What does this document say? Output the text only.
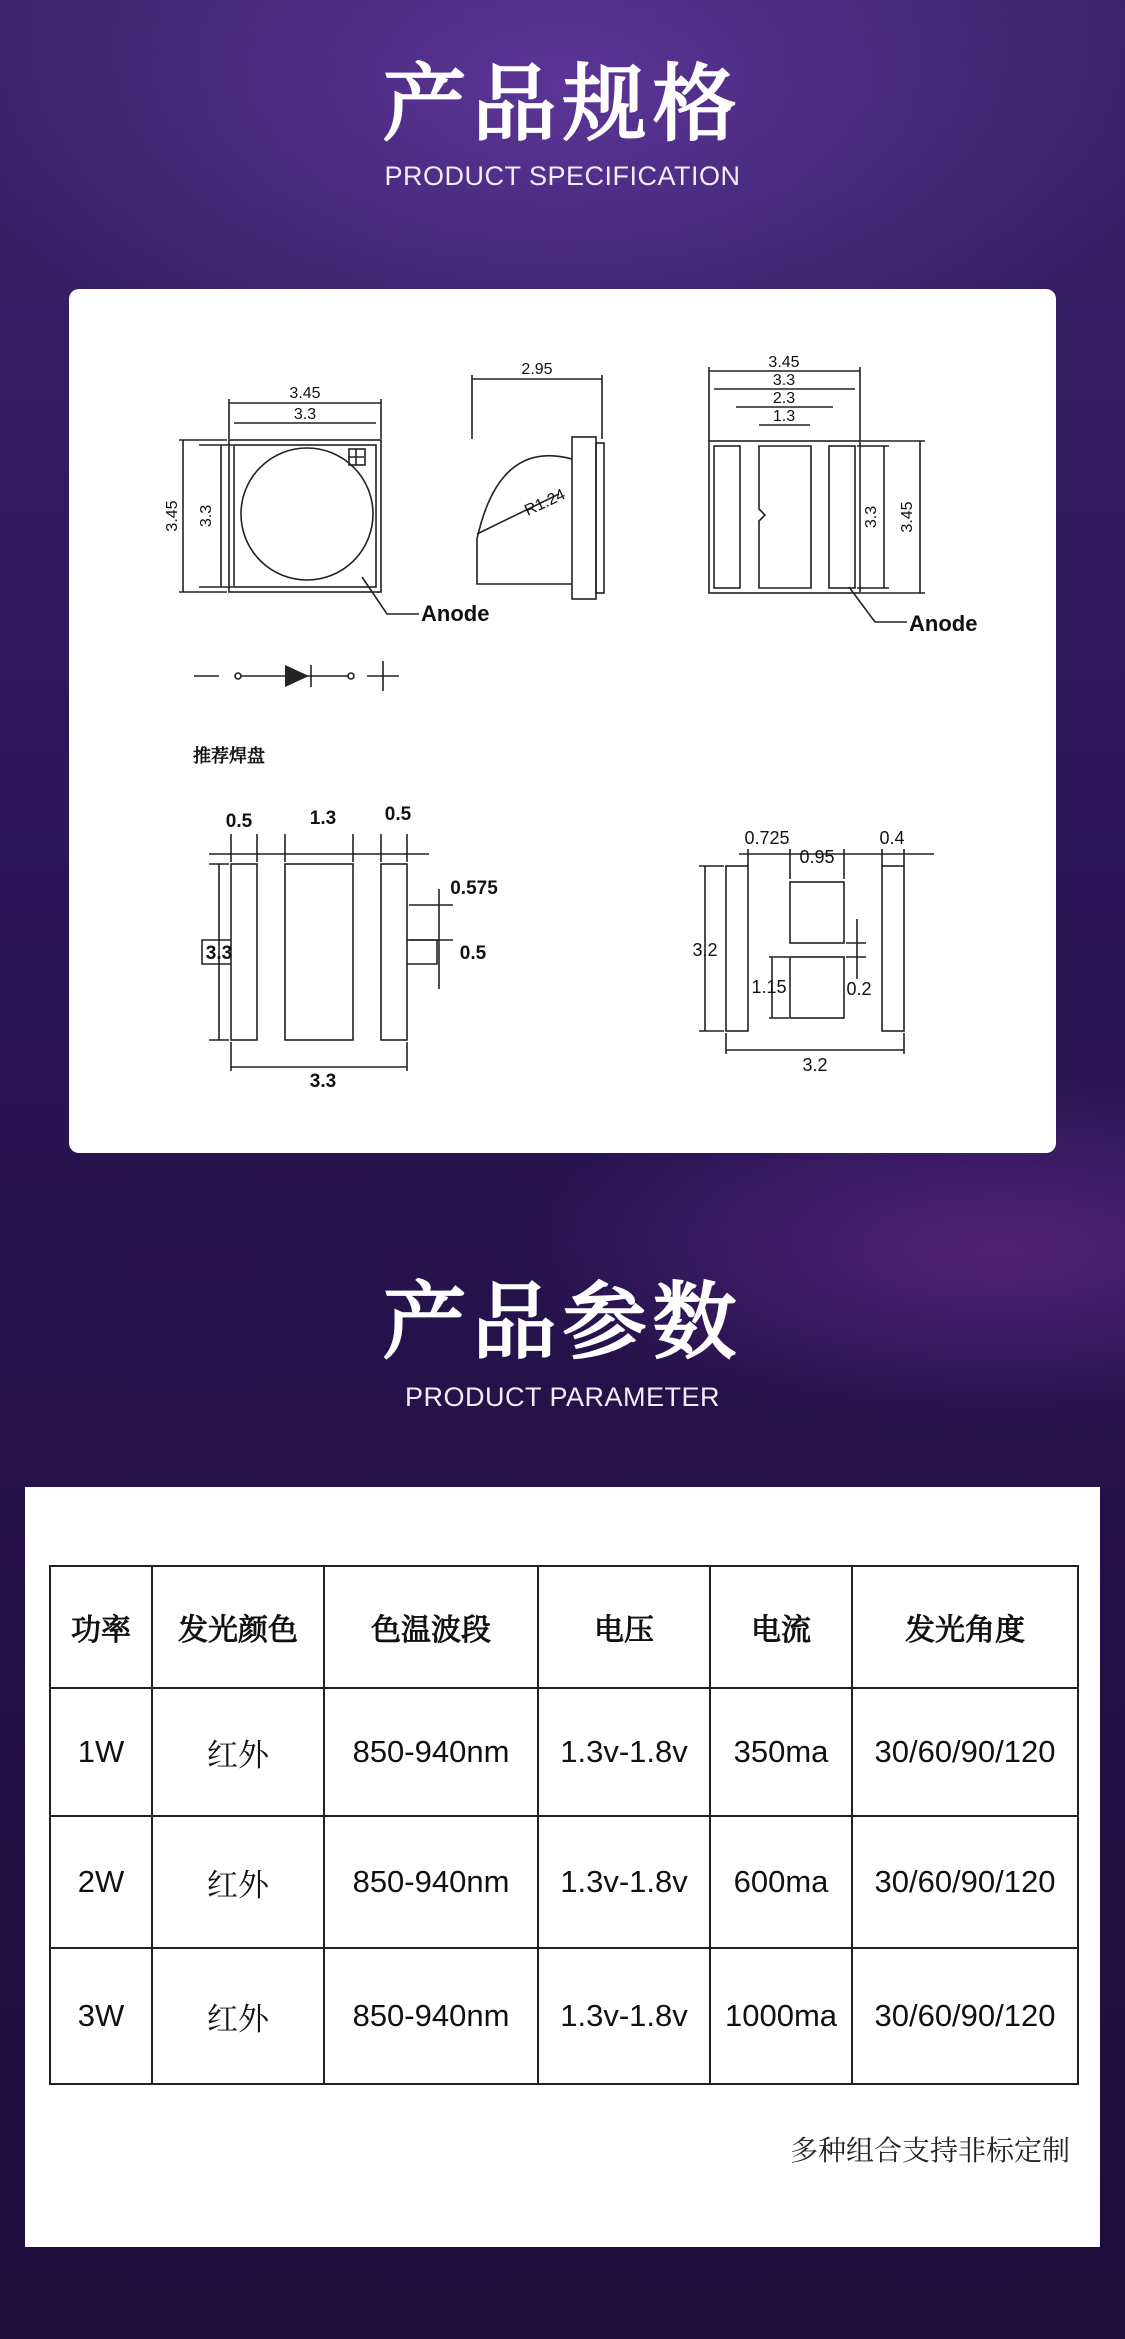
产品规格
PRODUCT SPECIFICATION
3.45
3.3
3.45 3.3
Anode
2.95
R1.24
3.45
3.3
2.3
1.3
3.3 3.45
Anode
推荐焊盘
0.5	1.3	0.5
0.575
3.3	0.5
3.3
0.725
0.95
0.4
3.2
1.15	0.2
3.2
产品参数
PRODUCT PARAMETER
功率	发光颜色	色温波段	电压	电流	发光角度
1W	红外	850-940nm	1.3v-1.8v	350ma	30/60/90/120
2W	红外	850-940nm	1.3v-1.8v	600ma	30/60/90/120
3W	红外	850-940nm	1.3v-1.8v	1000ma	30/60/90/120
多种组合支持非标定制
